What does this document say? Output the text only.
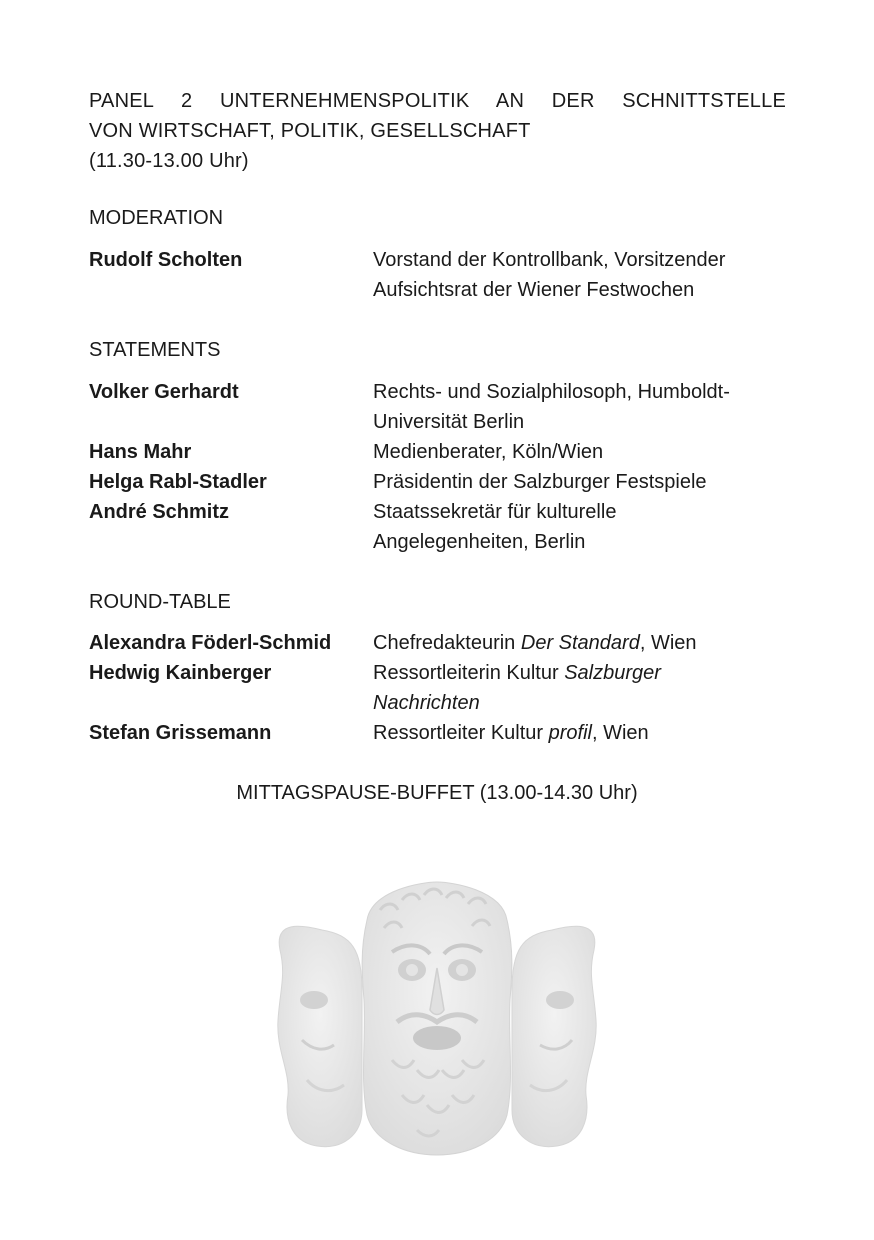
PANEL 2 UNTERNEHMENSPOLITIK AN DER SCHNITTSTELLE
VON WIRTSCHAFT, POLITIK, GESELLSCHAFT
(11.30-13.00 Uhr)
MODERATION
Rudolf Scholten	Vorstand der Kontrollbank, Vorsitzender
Aufsichtsrat der Wiener Festwochen
STATEMENTS
Volker Gerhardt	Rechts- und Sozialphilosoph, Humboldt-
Universität Berlin
Hans Mahr	Medienberater, Köln/Wien
Helga Rabl-Stadler	Präsidentin der Salzburger Festspiele
André Schmitz	Staatssekretär für kulturelle
Angelegenheiten, Berlin
ROUND-TABLE
Alexandra Föderl-Schmid	Chefredakteurin Der Standard, Wien
Hedwig Kainberger	Ressortleiterin Kultur Salzburger
Nachrichten
Stefan Grissemann	Ressortleiter Kultur profil, Wien
MITTAGSPAUSE-BUFFET (13.00-14.30 Uhr)
